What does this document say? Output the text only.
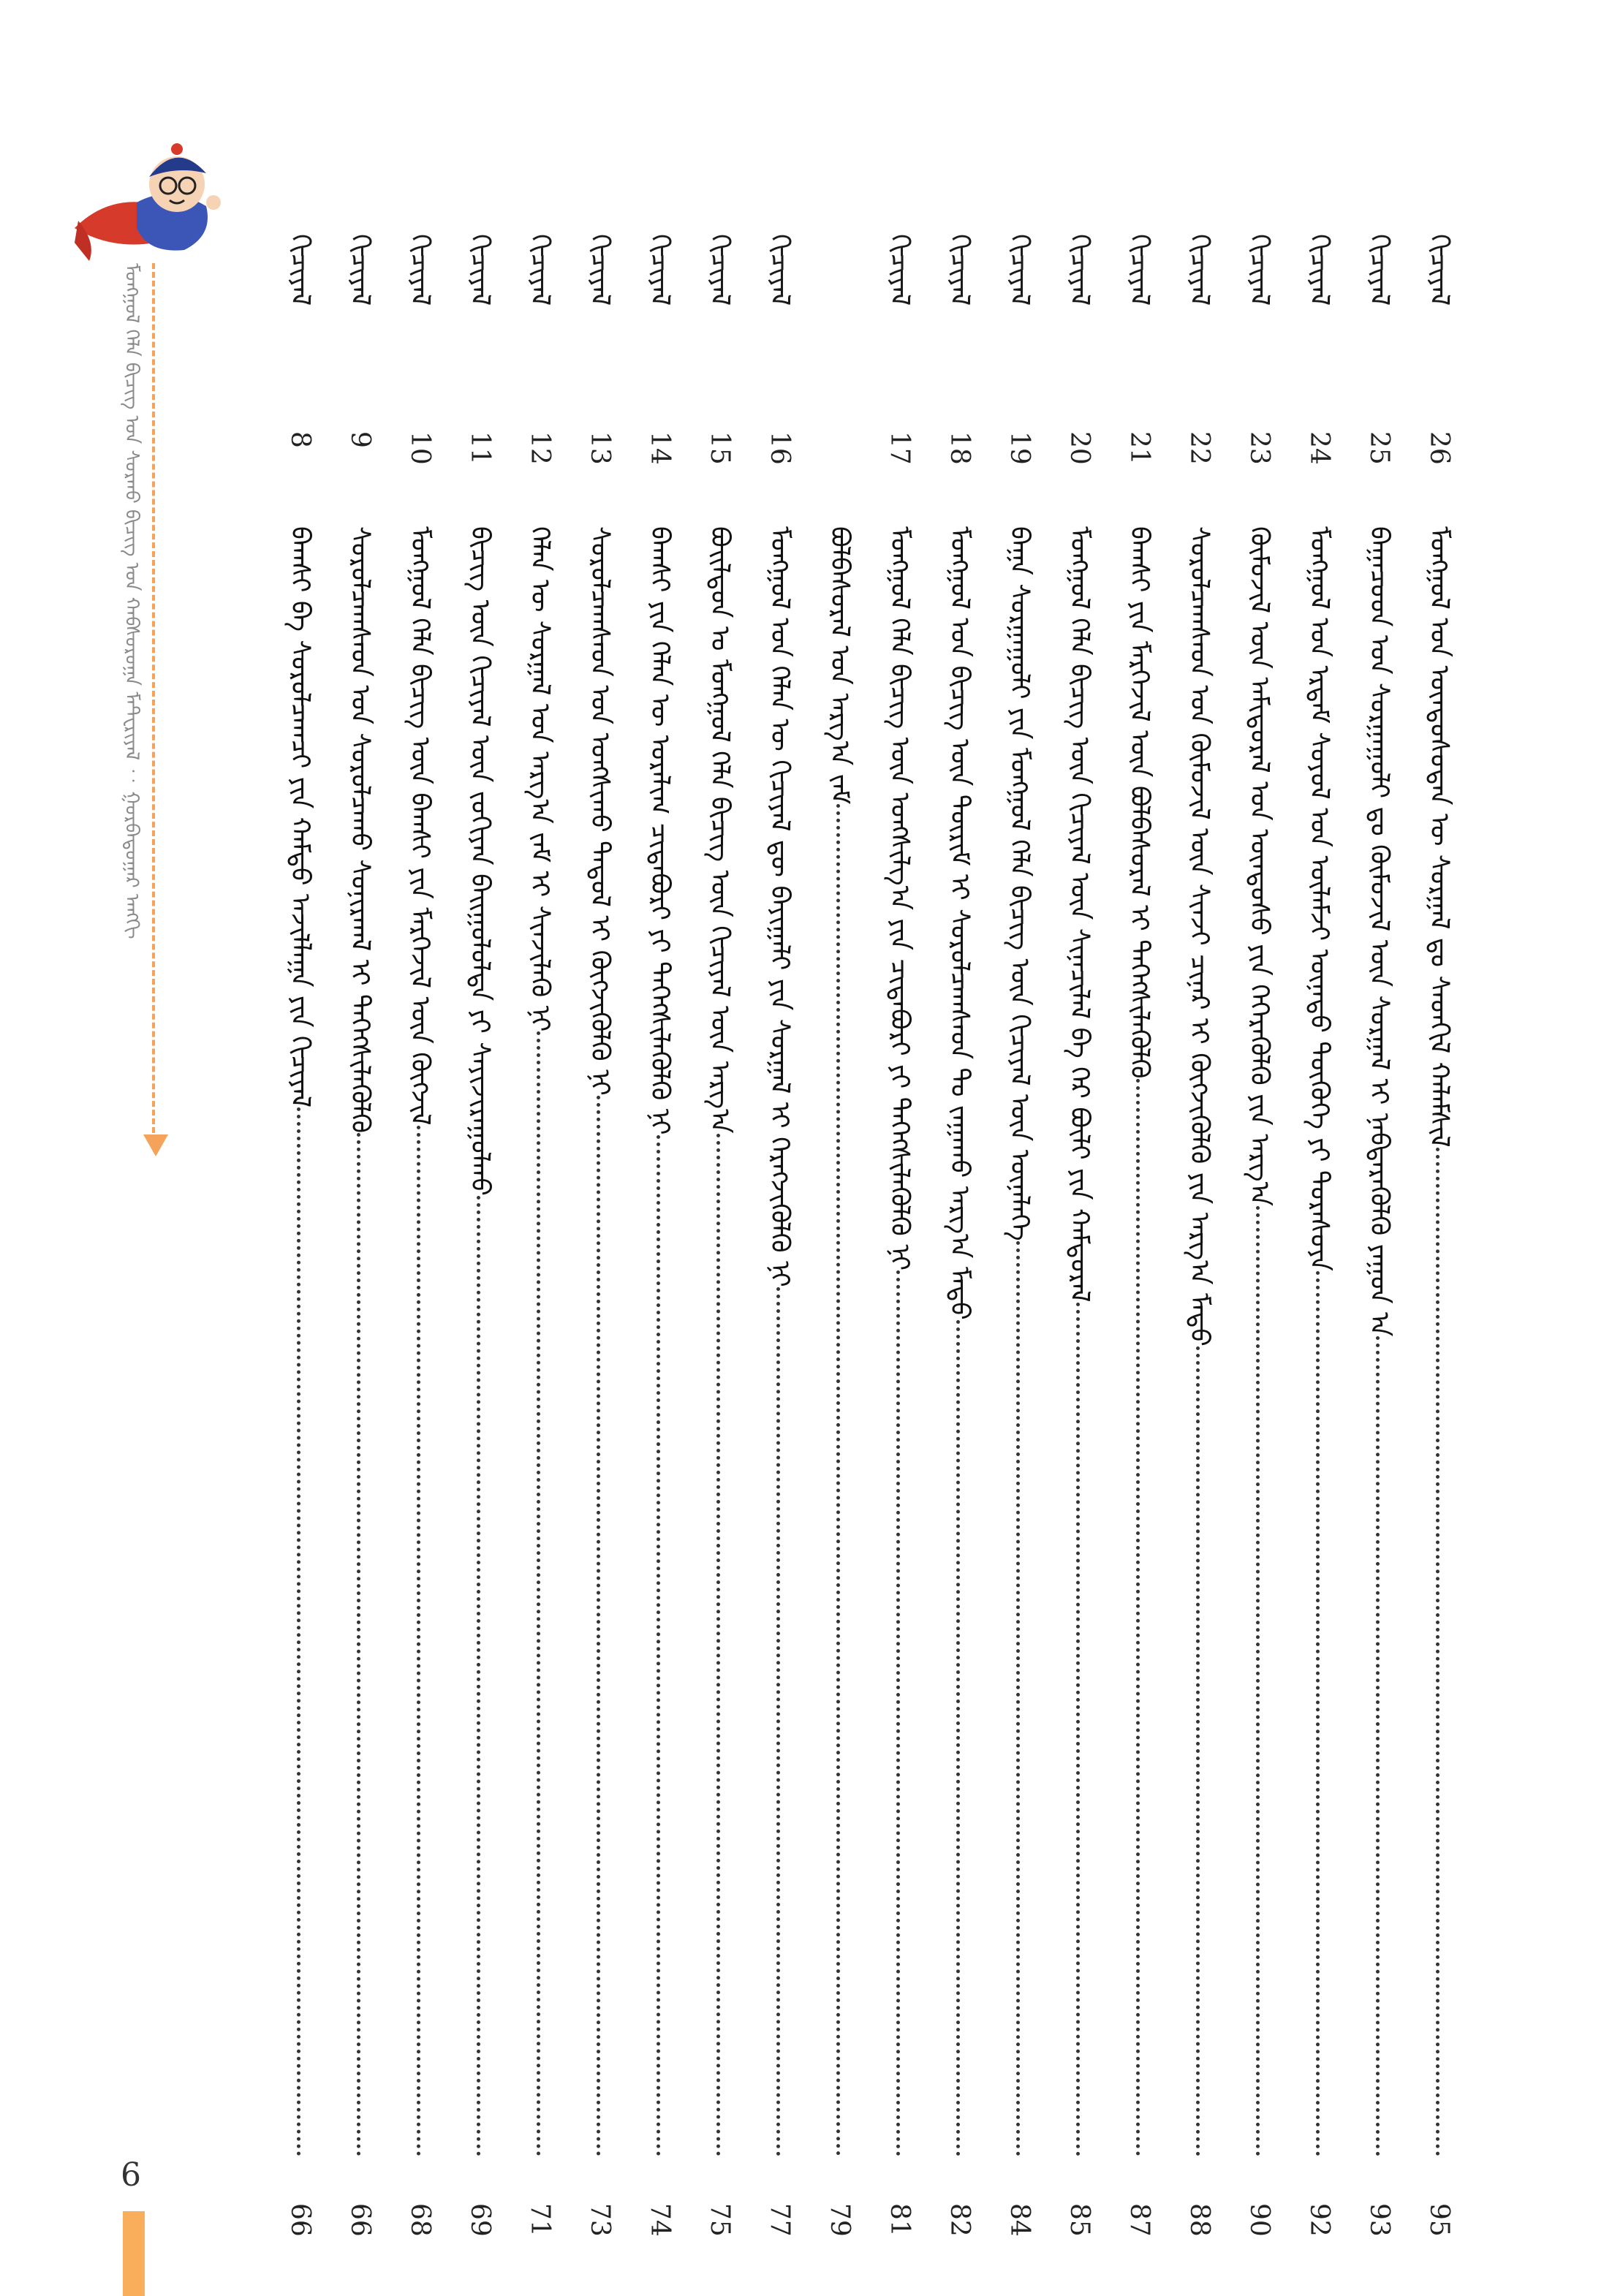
ᠮᠣᠩᠭᠣᠯ ᠬᠡᠯᠡ ᠪᠢᠴᠢᠭ᠌ ᠤᠨ ᠰᠤᠷᠬᠤ ᠪᠢᠴᠢᠭ ᠤᠨ ᠬᠠᠪᠰᠤᠷᠤᠭᠠ ᠮᠠᠲ᠋ᠧᠷᠢᠶᠠᠯ ︰ ᠭᠤᠷᠪᠠᠳᠤᠭᠠᠷ ᠠᠩᠭᠢ	ᠬᠢᠴᠢᠶᠡᠯ
26
ᠮᠣᠩᠭᠣᠯ ᠤᠨ ᠦᠨᠳᠦᠰᠦᠲᠡᠨ ᠦ ᠰᠤᠷᠭᠠᠯ ᠳᠤ ᠰᠡᠳᠬᠢᠯ ᠬᠠᠯᠠᠮᠰᠢᠯ
95
ᠬᠢᠴᠢᠶᠡᠯ
25
ᠪᠠᠭᠠᠴᠤᠳ ᠤᠨ ᠰᠤᠷᠭᠠᠭᠤᠯᠢ ᠳᠤ ᠬᠦᠮᠦᠵᠢᠯ ᠦᠨ ᠰᠤᠷᠭᠠᠯ ᠢ ᠨᠡᠪᠳᠡᠷᠡᠭᠦᠯᠬᠦ ᠶᠠᠭᠤᠨ ᠠ
93
ᠬᠢᠴᠢᠶᠡᠯ
24
ᠮᠣᠩᠭᠣᠯ ᠤᠨ ᠡᠷᠳᠡᠮ ᠰᠣᠶᠣᠯ ᠤᠨ ᠦᠯᠡᠮᠵᠢ ᠦᠨᠡᠲᠦ ᠲᠦᠭᠦᠬᠡ ᠶᠢ ᠳᠤᠷᠠᠰᠤᠶᠠ
92
ᠬᠢᠴᠢᠶᠡᠯ
23
ᠬᠦᠮᠦᠵᠢᠯ ᠦᠨ ᠠᠮᠢᠳᠤᠷᠠᠯ ᠤᠨ ᠦᠨᠳᠦᠰᠦ ᠶᠢᠨ ᠭᠡᠭᠡᠷᠡᠭᠦᠯᠬᠦ ᠶᠢᠨ ᠠᠷᠭ᠎ᠠ
90
ᠬᠢᠴᠢᠶᠡᠯ
22
ᠰᠤᠷᠤᠯᠴᠠᠭᠰᠠᠳ ᠤᠨ ᠬᠦᠮᠦᠵᠢᠯ ᠦᠨ ᠰᠢᠨᠵᠢ ᠴᠢᠨᠠᠷ ᠢ ᠬᠥᠭᠵᠢᠭᠦᠯᠬᠦ ᠶᠢᠨ ᠠᠷᠭ᠎ᠠ ᠮᠡᠲᠦ
88
ᠬᠢᠴᠢᠶᠡᠯ
21
ᠪᠠᠭᠰᠢ ᠶᠢᠨ ᠮᠡᠷᠭᠡᠵᠢᠯ ᠦᠨ ᠪᠣᠯᠪᠠᠰᠤᠷᠠᠯ ᠢ ᠳᠡᠭᠡᠭᠰᠢᠯᠡᠭᠦᠯᠬᠦ
87
ᠬᠢᠴᠢᠶᠡᠯ
20
ᠮᠣᠩᠭᠣᠯ ᠬᠡᠯᠡ ᠪᠢᠴᠢᠭ ᠦᠨ ᠬᠢᠴᠢᠶᠡᠯ ᠦᠨ ᠰᠢᠨᠡᠴᠢᠯᠡᠯ ᠪᠠ ᠭᠡᠷ ᠪᠦᠯᠢ ᠶᠢᠨ ᠬᠠᠮᠲᠤᠷᠠᠯ
85
ᠬᠢᠴᠢᠶᠡᠯ
19
ᠪᠠᠭᠠ ᠰᠤᠷᠭᠠᠭᠤᠯᠢ ᠶᠢᠨ ᠮᠣᠩᠭᠣᠯ ᠬᠡᠯᠡ ᠪᠢᠴᠢᠭ ᠦᠨ ᠬᠢᠴᠢᠶᠡᠯ ᠦᠨ ᠦᠨᠡᠯᠡᠭᠡ
84
ᠬᠢᠴᠢᠶᠡᠯ
18
ᠮᠣᠩᠭᠣᠯ ᠤᠨ ᠪᠢᠴᠢᠭ ᠦᠨ ᠳᠦᠷᠢᠮ ᠢ ᠰᠤᠷᠤᠯᠴᠠᠭᠰᠠᠳ ᠲᠤ ᠵᠠᠭᠠᠬᠤ ᠠᠷᠭ᠎ᠠ ᠮᠡᠲᠦ
82
ᠬᠢᠴᠢᠶᠡᠯ
17
ᠮᠣᠩᠭᠣᠯ ᠬᠡᠯᠡ ᠪᠢᠴᠢᠭ ᠦᠨ ᠤᠩᠰᠢᠯᠭ᠎ᠠ ᠶᠢᠨ ᠴᠢᠳᠠᠪᠤᠷᠢ ᠶᠢ ᠳᠡᠭᠡᠭᠰᠢᠯᠡᠭᠦᠯᠬᠦ ᠨᠢ
81
ᠪᠣᠯᠪᠠᠰᠤᠷᠠᠯ ᠤᠨ ᠠᠷᠭ᠎ᠠ ᠵᠠᠮ
79
ᠬᠢᠴᠢᠶᠡᠯ
16
ᠮᠣᠩᠭᠣᠯ ᠤᠨ ᠬᠡᠯᠡᠨ ᠦ ᠬᠢᠴᠢᠶᠡᠯ ᠳᠦ ᠪᠠᠶᠢᠭᠠᠯᠢ ᠶᠢᠨ ᠰᠤᠷᠭᠠᠯ ᠢ ᠬᠡᠷᠡᠭᠵᠢᠭᠦᠯᠬᠦ ᠨᠢ
77
ᠬᠢᠴᠢᠶᠡᠯ
15
ᠪᠤᠢᠯᠳᠤᠨ ᠤ ᠮᠣᠩᠭᠣᠯ ᠬᠡᠯᠡ ᠪᠢᠴᠢᠭ ᠦᠨ ᠬᠢᠴᠢᠶᠡᠯ ᠦᠨ ᠠᠷᠭ᠎ᠠ
75
ᠬᠢᠴᠢᠶᠡᠯ
14
ᠪᠠᠭᠰᠢ ᠶᠢᠨ ᠬᠡᠯᠡᠨ ᠦ ᠤᠷᠠᠯᠢᠭ ᠴᠢᠳᠠᠪᠤᠷᠢ ᠶᠢ ᠳᠡᠭᠡᠭᠰᠢᠯᠡᠭᠦᠯᠬᠦ ᠨᠢ
74
ᠬᠢᠴᠢᠶᠡᠯ
13
ᠰᠤᠷᠤᠯᠴᠠᠭᠰᠠᠳ ᠤᠨ ᠤᠩᠰᠢᠬᠤ ᠳᠠᠳᠤᠯ ᠢ ᠬᠥᠭᠵᠢᠭᠦᠯᠬᠦ ᠨᠢ
73
ᠬᠢᠴᠢᠶᠡᠯ
12
ᠬᠡᠯᠡᠨ ᠦ ᠰᠤᠷᠭᠠᠯ ᠤᠨ ᠠᠷᠭ᠎ᠠ ᠵᠠᠮ ᠢ ᠰᠢᠨᠵᠢᠯᠡᠬᠦ ᠨᠢ
71
ᠬᠢᠴᠢᠶᠡᠯ
11
ᠪᠢᠴᠢᠭ ᠦᠨ ᠬᠢᠴᠢᠶᠡᠯ ᠦᠨ ᠵᠣᠬᠢᠶᠠᠨ ᠪᠠᠢᠭᠤᠯᠤᠯᠲᠠ ᠶᠢ ᠰᠠᠶᠢᠵᠢᠷᠠᠭᠤᠯᠬᠤ
69
ᠬᠢᠴᠢᠶᠡᠯ
10
ᠮᠣᠩᠭᠣᠯ ᠬᠡᠯᠡ ᠪᠢᠴᠢᠭ ᠦᠨ ᠪᠠᠭᠰᠢ ᠶᠢᠨ ᠮᠡᠷᠭᠡᠵᠢᠯ ᠦᠨ ᠬᠥᠭᠵᠢᠯ
68
ᠬᠢᠴᠢᠶᠡᠯ
9
ᠰᠤᠷᠤᠯᠴᠠᠭᠰᠠᠳ ᠤᠨ ᠰᠤᠷᠤᠯᠴᠠᠬᠤ ᠰᠣᠨᠢᠷᠬᠠᠯ ᠢ ᠳᠡᠭᠡᠭᠰᠢᠯᠡᠭᠦᠯᠬᠦ
66
ᠬᠢᠴᠢᠶᠡᠯ
8
ᠪᠠᠭᠰᠢ ᠪᠠ ᠰᠤᠷᠤᠯᠴᠠᠭᠴᠢ ᠶᠢᠨ ᠬᠠᠮᠲᠤ ᠠᠵᠢᠯᠯᠠᠭᠠ ᠶᠢᠨ ᠬᠢᠴᠢᠶᠡᠯ
66
6
